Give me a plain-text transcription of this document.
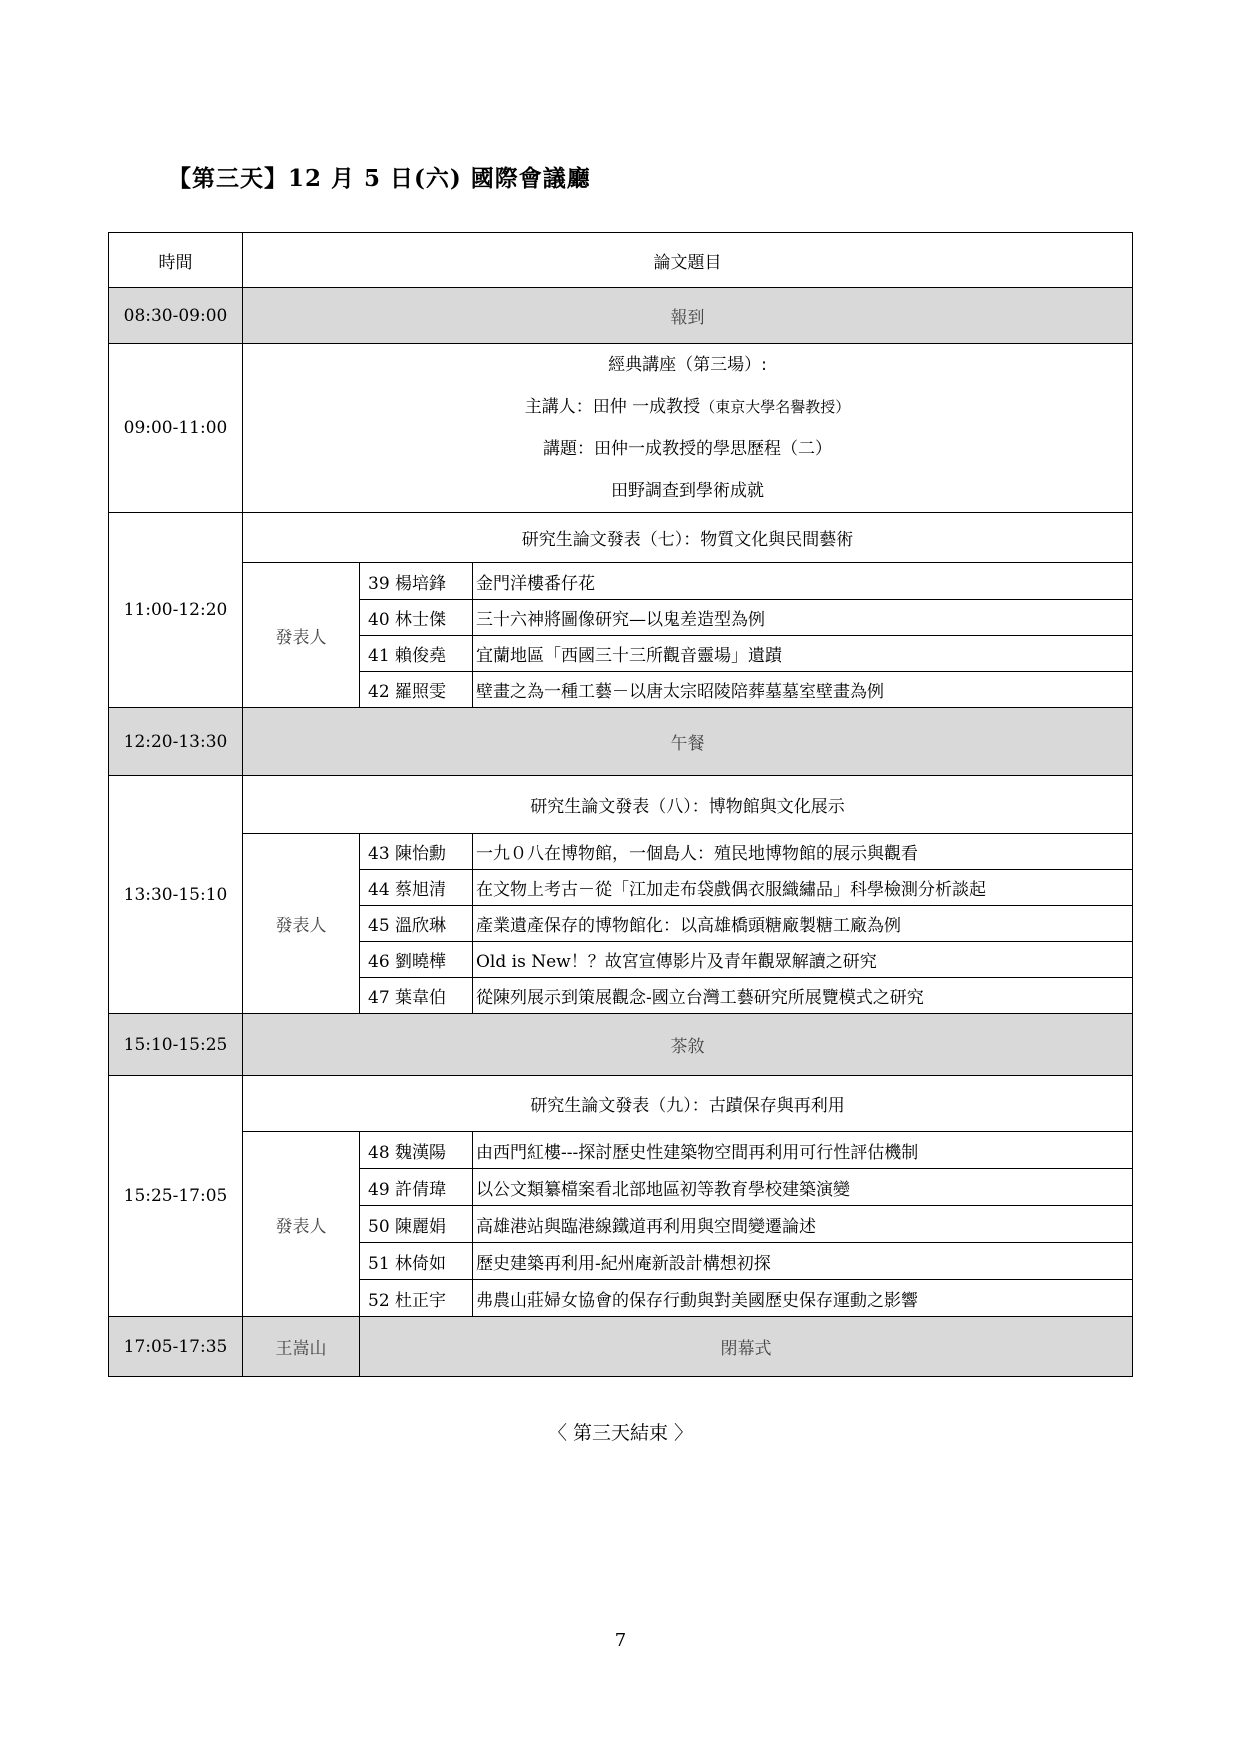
【第三天】12 月 5 日(六) 國際會議廳
時間	論文題目		
08:30-09:00	報到		
09:00-11:00	經典講座（第三場）:
主講人：田仲 一成教授（東京大學名譽教授）
講題：田仲一成教授的學思歷程（二）
田野調查到學術成就		

11:00-12:20	研究生論文發表（七）：物質文化與民間藝術		
	發表人	39 楊培鋒	金門洋樓番仔花
		40 林士傑	三十六神將圖像研究—以鬼差造型為例
		41 賴俊堯	宜蘭地區「西國三十三所觀音靈場」遺蹟
		42 羅照雯	壁畫之為一種工藝－以唐太宗昭陵陪葬墓墓室壁畫為例
12:20-13:30	午餐		
13:30-15:10	研究生論文發表（八）：博物館與文化展示		
	發表人	43 陳怡勳	一九０八在博物館，一個島人：殖民地博物館的展示與觀看
		44 蔡旭清	在文物上考古－從「江加走布袋戲偶衣服織繡品」科學檢測分析談起
		45 溫欣琳	產業遺產保存的博物館化：以高雄橋頭糖廠製糖工廠為例
		46 劉曉樺	Old is New！？故宮宣傳影片及青年觀眾解讀之研究
		47 葉韋伯	從陳列展示到策展觀念-國立台灣工藝研究所展覽模式之研究
15:10-15:25	茶敘		
15:25-17:05	研究生論文發表（九）：古蹟保存與再利用		
	發表人	48 魏漢陽	由西門紅樓---探討歷史性建築物空間再利用可行性評估機制
		49 許倩瑋	以公文類纂檔案看北部地區初等教育學校建築演變
		50 陳麗娟	高雄港站與臨港線鐵道再利用與空間變遷論述
		51 林倚如	歷史建築再利用-紀州庵新設計構想初探
		52 杜正宇	弗農山莊婦女協會的保存行動與對美國歷史保存運動之影響
17:05-17:35	王嵩山	閉幕式	
〈 第三天結束 〉
7
